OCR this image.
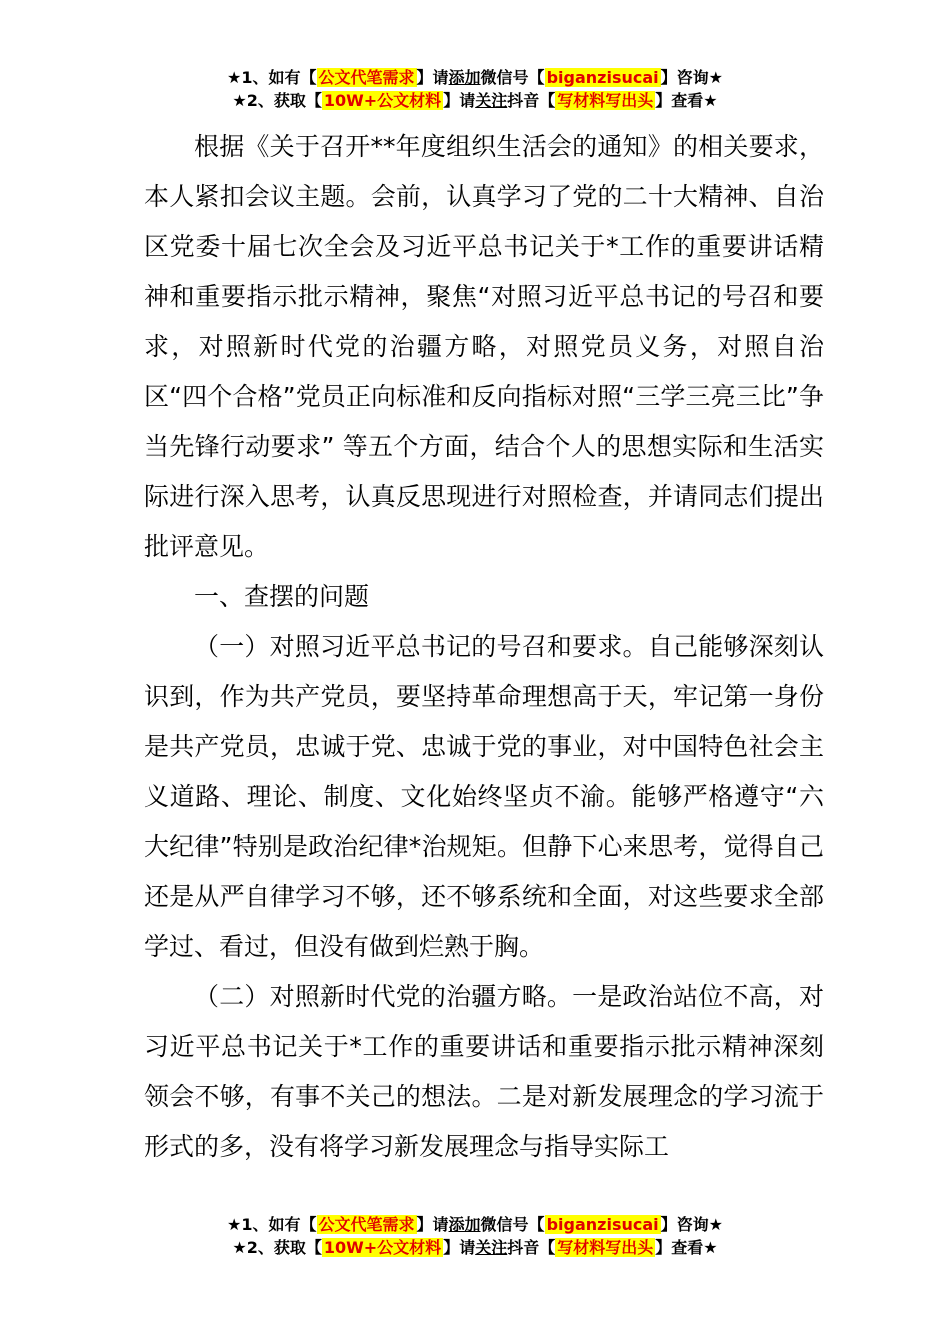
★1、如有【 公文代笔需求 】请添加微信号【 biganzisucai 】咨询★
★2、获取【 10W+公文材料 】请关注抖音【 写材料写出头 】查看★

根据《关于召开**年度组织生活会的通知》的相关要求，本人紧扣会议主题。会前，认真学习了党的二十大精神、自治区党委十届七次全会及习近平总书记关于*工作的重要讲话精神和重要指示批示精神，聚焦“对照习近平总书记的号召和要求，对照新时代党的治疆方略，对照党员义务，对照自治区“四个合格”党员正向标准和反向指标对照“三学三亮三比”争当先锋行动要求” 等五个方面，结合个人的思想实际和生活实际进行深入思考，认真反思现进行对照检查，并请同志们提出批评意见。

一、查摆的问题

（一）对照习近平总书记的号召和要求。自己能够深刻认识到，作为共产党员，要坚持革命理想高于天，牢记第一身份是共产党员，忠诚于党、忠诚于党的事业，对中国特色社会主义道路、理论、制度、文化始终坚贞不渝。能够严格遵守“六大纪律”特别是政治纪律*治规矩。但静下心来思考，觉得自己还是从严自律学习不够，还不够系统和全面，对这些要求全部学过、看过，但没有做到烂熟于胸。

（二）对照新时代党的治疆方略。一是政治站位不高，对习近平总书记关于*工作的重要讲话和重要指示批示精神深刻领会不够，有事不关己的想法。二是对新发展理念的学习流于形式的多，没有将学习新发展理念与指导实际工

★1、如有【 公文代笔需求 】请添加微信号【 biganzisucai 】咨询★
★2、获取【 10W+公文材料 】请关注抖音【 写材料写出头 】查看★
